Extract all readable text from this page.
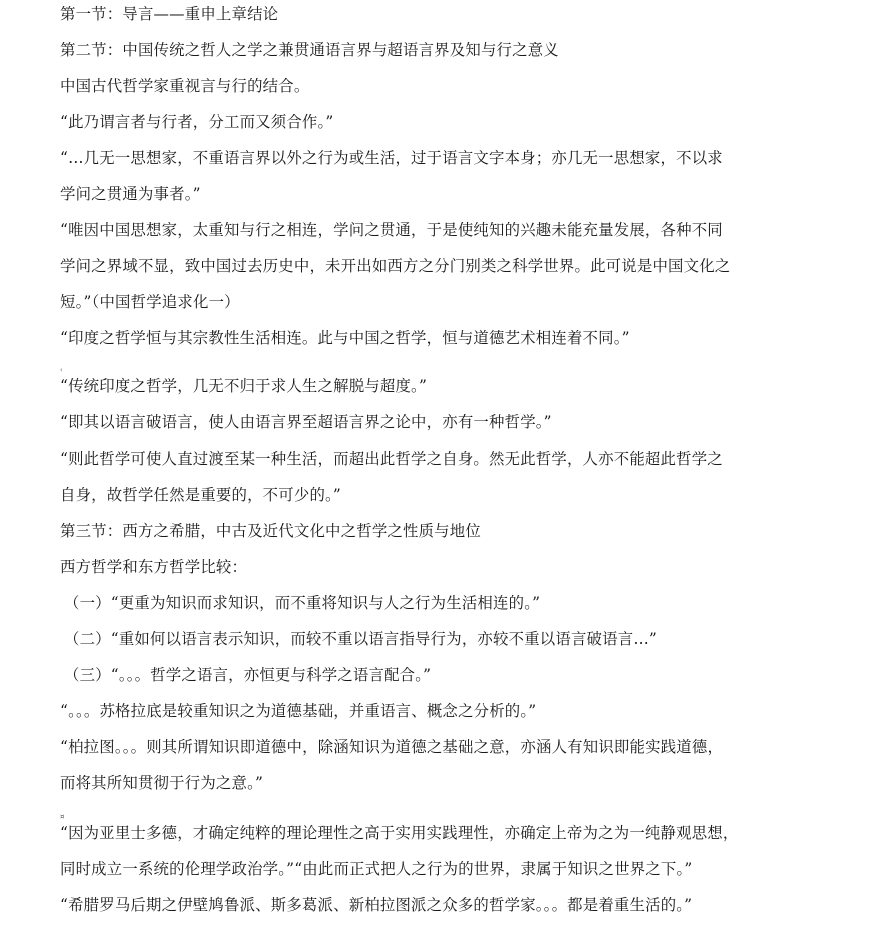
第一节：导言——重申上章结论
第二节：中国传统之哲人之学之兼贯通语言界与超语言界及知与行之意义
中国古代哲学家重视言与行的结合。
“此乃谓言者与行者，分工而又须合作。”
“…几无一思想家，不重语言界以外之行为或生活，过于语言文字本身；亦几无一思想家，不以求
学问之贯通为事者。”
“唯因中国思想家，太重知与行之相连，学问之贯通，于是使纯知的兴趣未能充量发展，各种不同
学问之界域不显，致中国过去历史中，未开出如西方之分门别类之科学世界。此可说是中国文化之
短。”（中国哲学追求化一）
“印度之哲学恒与其宗教性生活相连。此与中国之哲学，恒与道德艺术相连着不同。”
‹
“传统印度之哲学，几无不归于求人生之解脱与超度。”
“即其以语言破语言，使人由语言界至超语言界之论中，亦有一种哲学。”
“则此哲学可使人直过渡至某一种生活，而超出此哲学之自身。然无此哲学，人亦不能超此哲学之
自身，故哲学任然是重要的，不可少的。”
第三节：西方之希腊，中古及近代文化中之哲学之性质与地位
西方哲学和东方哲学比较：
（一）“更重为知识而求知识，而不重将知识与人之行为生活相连的。”
（二）“重如何以语言表示知识，而较不重以语言指导行为，亦较不重以语言破语言…”
（三）“。。。哲学之语言，亦恒更与科学之语言配合。”
“。。。苏格拉底是较重知识之为道德基础，并重语言、概念之分析的。”
“柏拉图。。。则其所谓知识即道德中，除涵知识为道德之基础之意，亦涵人有知识即能实践道德，
而将其所知贯彻于行为之意。”
¤
“因为亚里士多德，才确定纯粹的理论理性之高于实用实践理性，亦确定上帝为之为一纯静观思想，
同时成立一系统的伦理学政治学。”“由此而正式把人之行为的世界，隶属于知识之世界之下。”
“希腊罗马后期之伊壁鸠鲁派、斯多葛派、新柏拉图派之众多的哲学家。。。都是着重生活的。”
